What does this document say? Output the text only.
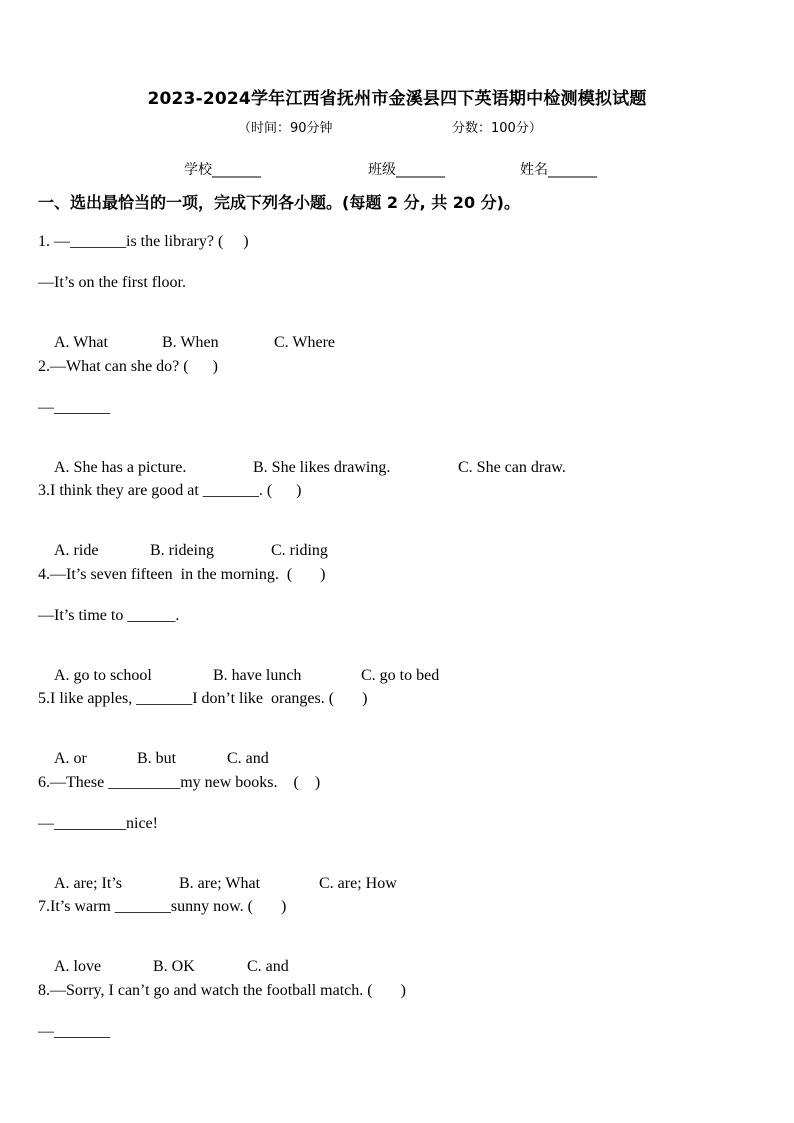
2023-2024学年江西省抚州市金溪县四下英语期中检测模拟试题
（时间：90分钟	分数：100分）
学校_______	班级_______	姓名_______
一、选出最恰当的一项，完成下列各小题。(每题 2 分, 共 20 分)。
1. —_______is the library? (     )
—It’s on the first floor.

A. What	B. When	C. Where

2.—What can she do? (      )
—_______

A. She has a picture.	B. She likes drawing.	C. She can draw.

3.I think they are good at _______. (      )

A. ride	B. rideing	C. riding

4.—It’s seven fifteen  in the morning.  (       )
—It’s time to ______.

A. go to school	B. have lunch	C. go to bed

5.I like apples, _______I don’t like  oranges. (       )

A. or	B. but	C. and

6.—These _________my new books.    (    )
—_________nice!

A. are; It’s	B. are; What	C. are; How

7.It’s warm _______sunny now. (       )

A. love	B. OK	C. and

8.—Sorry, I can’t go and watch the football match. (       )
—_______
